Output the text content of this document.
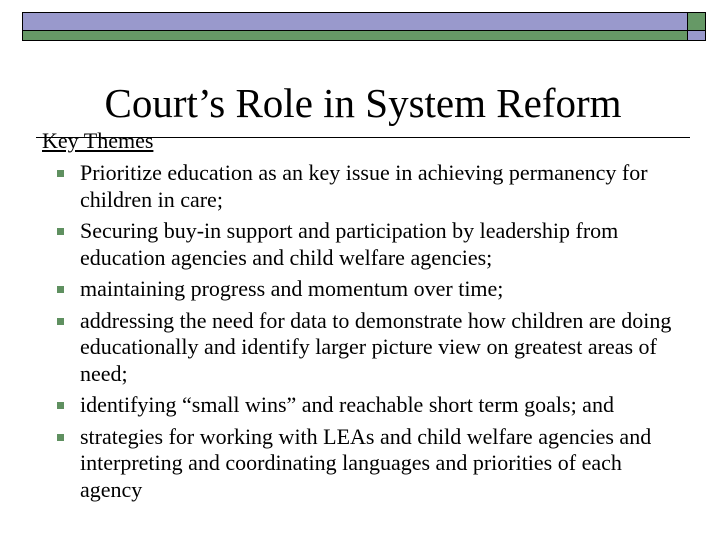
Court’s Role in System Reform
Key Themes
Prioritize education as an key issue in achieving permanency for children in care;
Securing buy-in support and participation by leadership from education agencies and child welfare agencies;
maintaining progress and momentum over time;
addressing the need for data to demonstrate how children are doing educationally and identify larger picture view on greatest areas of need;
identifying “small wins” and reachable short term goals; and
strategies for working with LEAs and child welfare agencies and interpreting and coordinating languages and priorities of each agency
